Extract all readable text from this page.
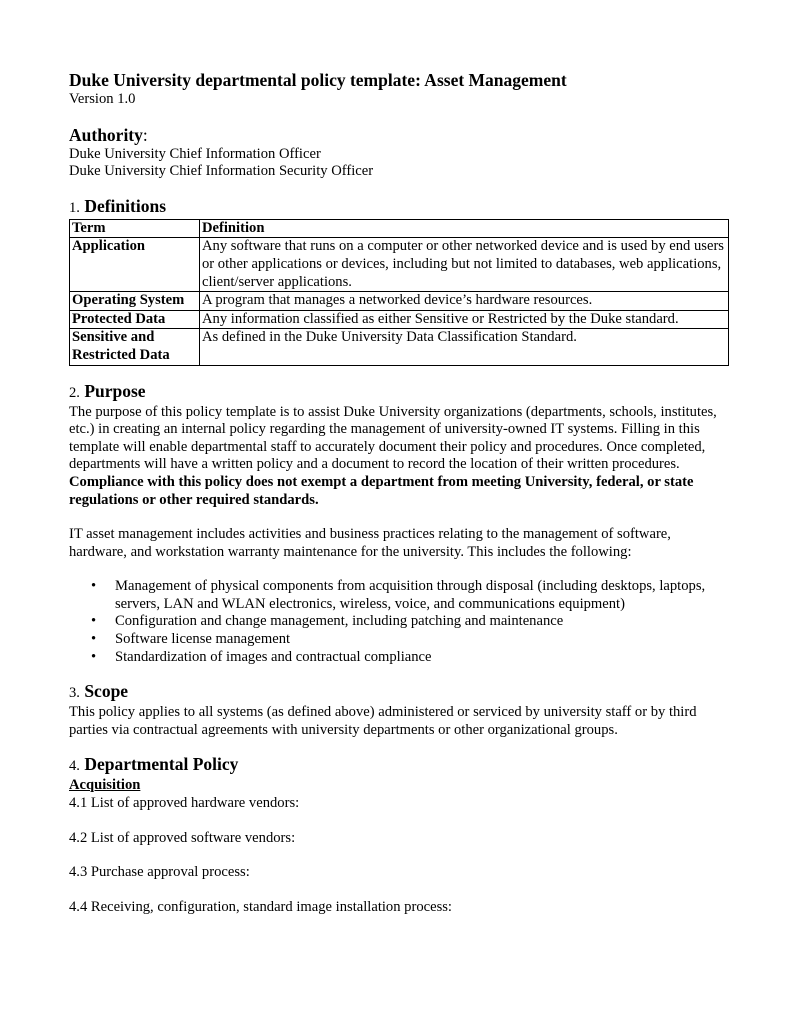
Duke University departmental policy template: Asset Management

Version 1.0

Authority:

Duke University Chief Information Officer

Duke University Chief Information Security Officer

1. Definitions

Term	Definition
Application	Any software that runs on a computer or other networked device and is used by end users or other applications or devices, including but not limited to databases, web applications, client/server applications.
Operating System	A program that manages a networked device’s hardware resources.
Protected Data	Any information classified as either Sensitive or Restricted by the Duke standard.
Sensitive and Restricted Data	As defined in the Duke University Data Classification Standard.

2. Purpose

The purpose of this policy template is to assist Duke University organizations (departments, schools, institutes, etc.) in creating an internal policy regarding the management of university-owned IT systems. Filling in this template will enable departmental staff to accurately document their policy and procedures. Once completed, departments will have a written policy and a document to record the location of their written procedures. Compliance with this policy does not exempt a department from meeting University, federal, or state regulations or other required standards.

IT asset management includes activities and business practices relating to the management of software, hardware, and workstation warranty maintenance for the university. This includes the following:

• Management of physical components from acquisition through disposal (including desktops, laptops, servers, LAN and WLAN electronics, wireless, voice, and communications equipment)
• Configuration and change management, including patching and maintenance
• Software license management
• Standardization of images and contractual compliance

3. Scope

This policy applies to all systems (as defined above) administered or serviced by university staff or by third parties via contractual agreements with university departments or other organizational groups.

4. Departmental Policy

Acquisition

4.1 List of approved hardware vendors:

4.2 List of approved software vendors:

4.3 Purchase approval process:

4.4 Receiving, configuration, standard image installation process:
